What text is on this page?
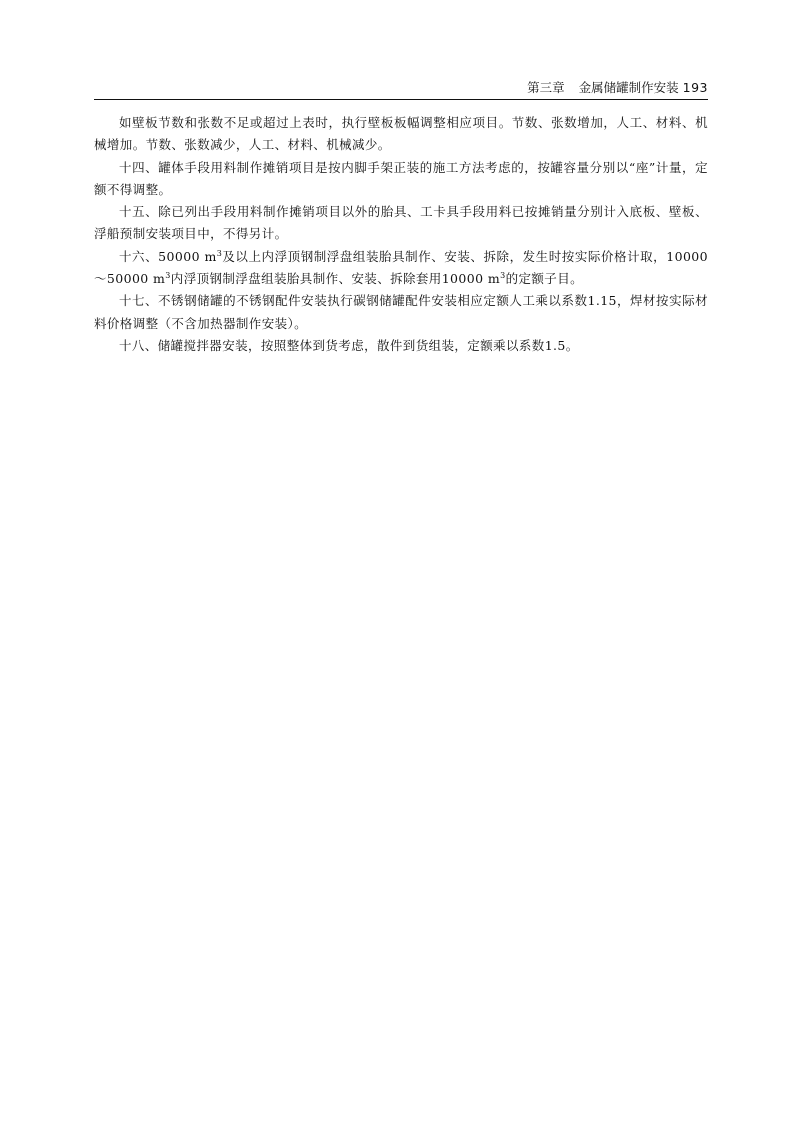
第三章 金属储罐制作安装 193

如壁板节数和张数不足或超过上表时，执行壁板板幅调整相应项目。节数、张数增加，人工、材料、机械增加。节数、张数减少，人工、材料、机械减少。

十四、罐体手段用料制作摊销项目是按内脚手架正装的施工方法考虑的，按罐容量分别以“座”计量，定额不得调整。

十五、除已列出手段用料制作摊销项目以外的胎具、工卡具手段用料已按摊销量分别计入底板、壁板、浮船预制安装项目中，不得另计。

十六、50000 $m^3$及以上内浮顶钢制浮盘组装胎具制作、安装、拆除，发生时按实际价格计取，10000～50000 $m^3$内浮顶钢制浮盘组装胎具制作、安装、拆除套用10000 $m^3$的定额子目。

十七、不锈钢储罐的不锈钢配件安装执行碳钢储罐配件安装相应定额人工乘以系数1.15，焊材按实际材料价格调整（不含加热器制作安装）。

十八、储罐搅拌器安装，按照整体到货考虑，散件到货组装，定额乘以系数1.5。
